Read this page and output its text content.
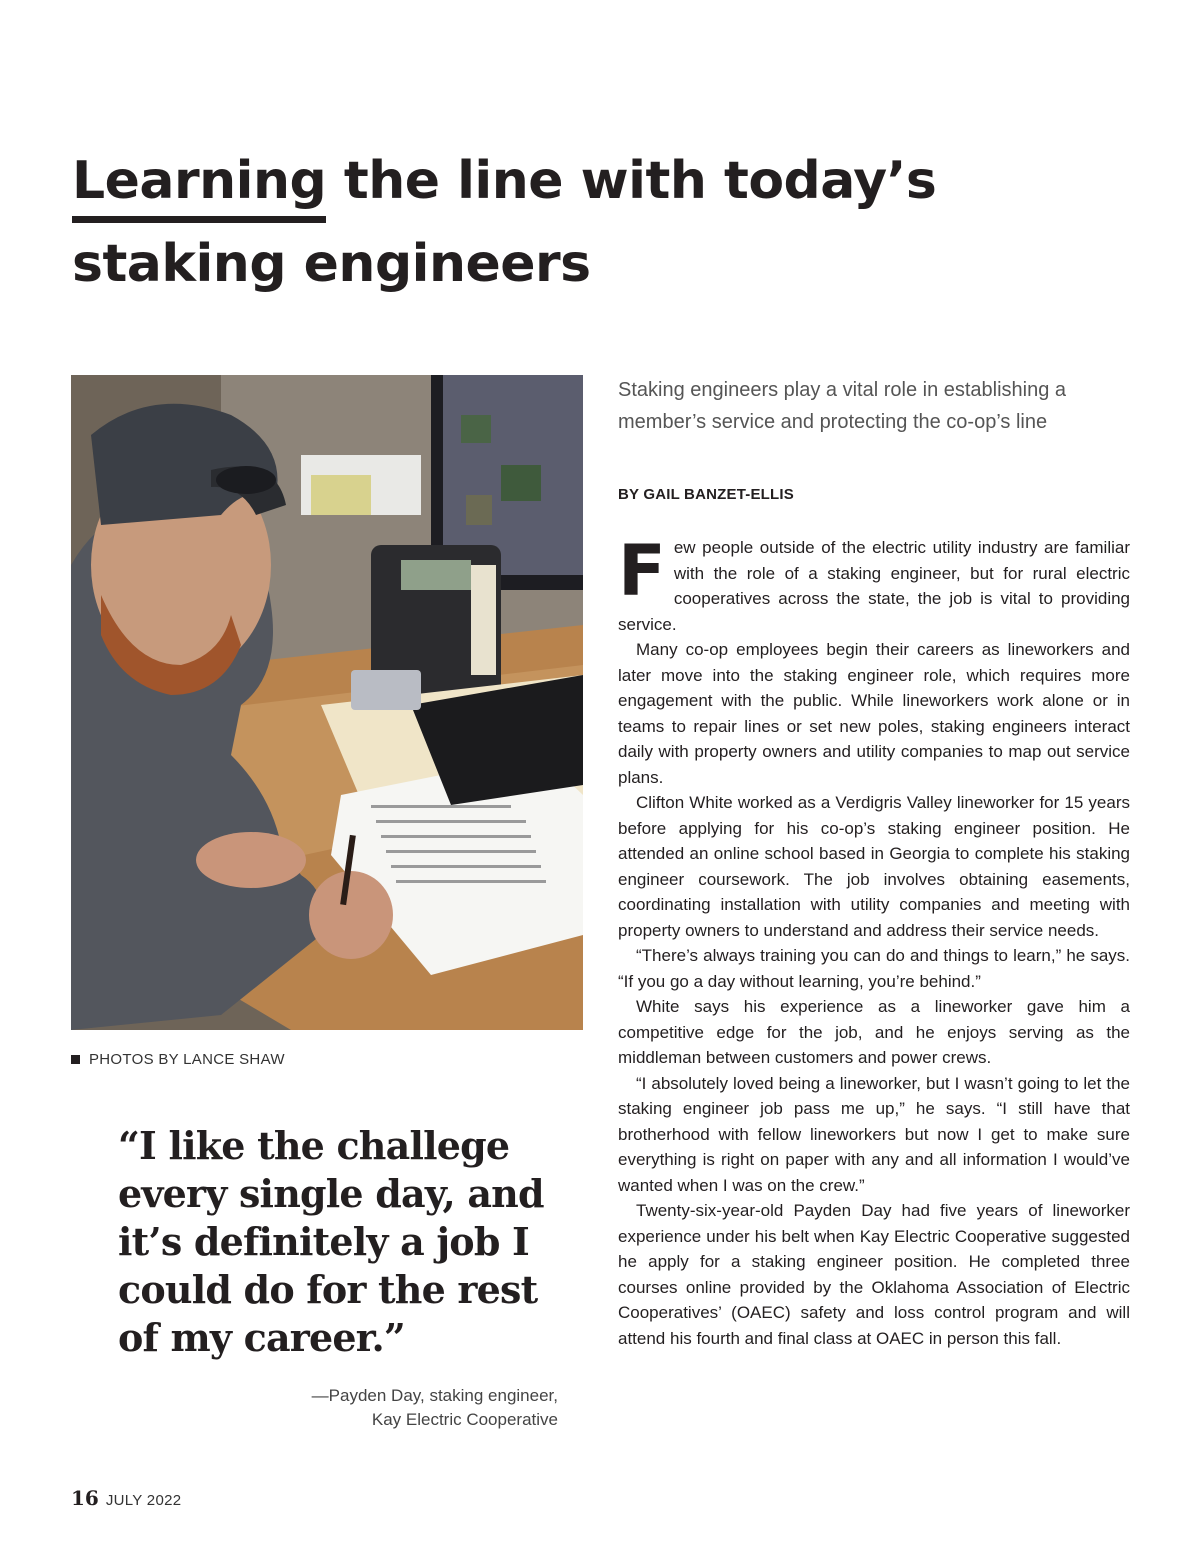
Learning the line with today’s
staking engineers
PHOTOS BY LANCE SHAW

“I like the challege every single day, and it’s definitely a job I could do for the rest of my career.”

—Payden Day, staking engineer,
Kay Electric Cooperative
Staking engineers play a vital role in establishing a member’s service and protecting the co-op’s line
BY GAIL BANZET-ELLIS

Few people outside of the electric utility industry are familiar with the role of a staking engineer, but for rural electric cooperatives across the state, the job is vital to providing service.

Many co-op employees begin their careers as lineworkers and later move into the staking engineer role, which requires more engagement with the public. While lineworkers work alone or in teams to repair lines or set new poles, staking engineers interact daily with property owners and utility companies to map out service plans.

Clifton White worked as a Verdigris Valley lineworker for 15 years before applying for his co-op’s staking engineer position. He attended an online school based in Georgia to complete his staking engineer coursework. The job involves obtaining easements, coordinating installation with utility companies and meeting with property owners to understand and address their service needs.

“There’s always training you can do and things to learn,” he says. “If you go a day without learning, you’re behind.”

White says his experience as a lineworker gave him a competitive edge for the job, and he enjoys serving as the middleman between customers and power crews.

“I absolutely loved being a lineworker, but I wasn’t going to let the staking engineer job pass me up,” he says. “I still have that brotherhood with fellow lineworkers but now I get to make sure everything is right on paper with any and all information I would’ve wanted when I was on the crew.”

Twenty-six-year-old Payden Day had five years of lineworker experience under his belt when Kay Electric Cooperative suggested he apply for a staking engineer position. He completed three courses online provided by the Oklahoma Association of Electric Cooperatives’ (OAEC) safety and loss control program and will attend his fourth and final class at OAEC in person this fall.

16 JULY 2022
